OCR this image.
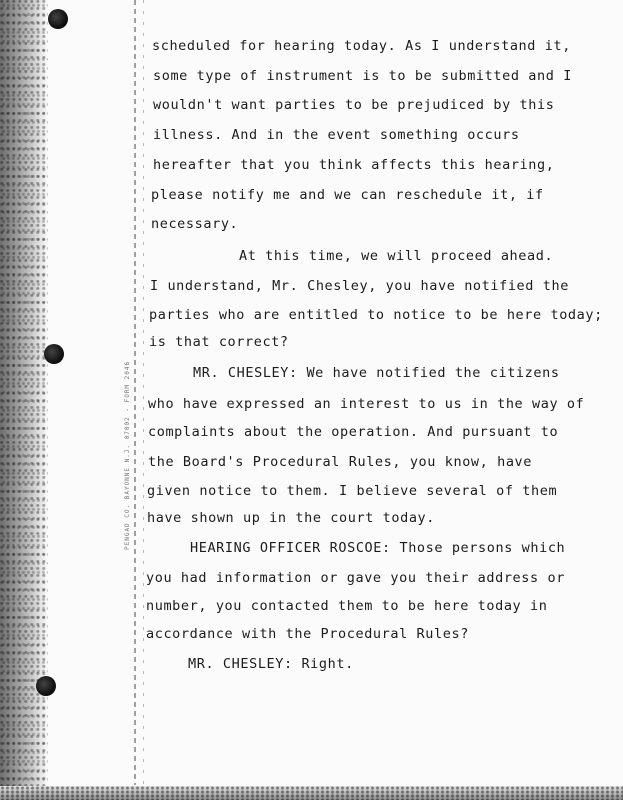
PENGAD CO. BAYONNE N.J. 07002 - FORM 2046
scheduled for hearing today. As I understand it,
some type of instrument is to be submitted and I
wouldn't want parties to be prejudiced by this
illness. And in the event something occurs
hereafter that you think affects this hearing,
please notify me and we can reschedule it, if
necessary.
At this time, we will proceed ahead.
I understand, Mr. Chesley, you have notified the
parties who are entitled to notice to be here today;
is that correct?
MR. CHESLEY: We have notified the citizens
who have expressed an interest to us in the way of
complaints about the operation. And pursuant to
the Board's Procedural Rules, you know, have
given notice to them. I believe several of them
have shown up in the court today.
HEARING OFFICER ROSCOE: Those persons which
you had information or gave you their address or
number, you contacted them to be here today in
accordance with the Procedural Rules?
MR. CHESLEY: Right.
